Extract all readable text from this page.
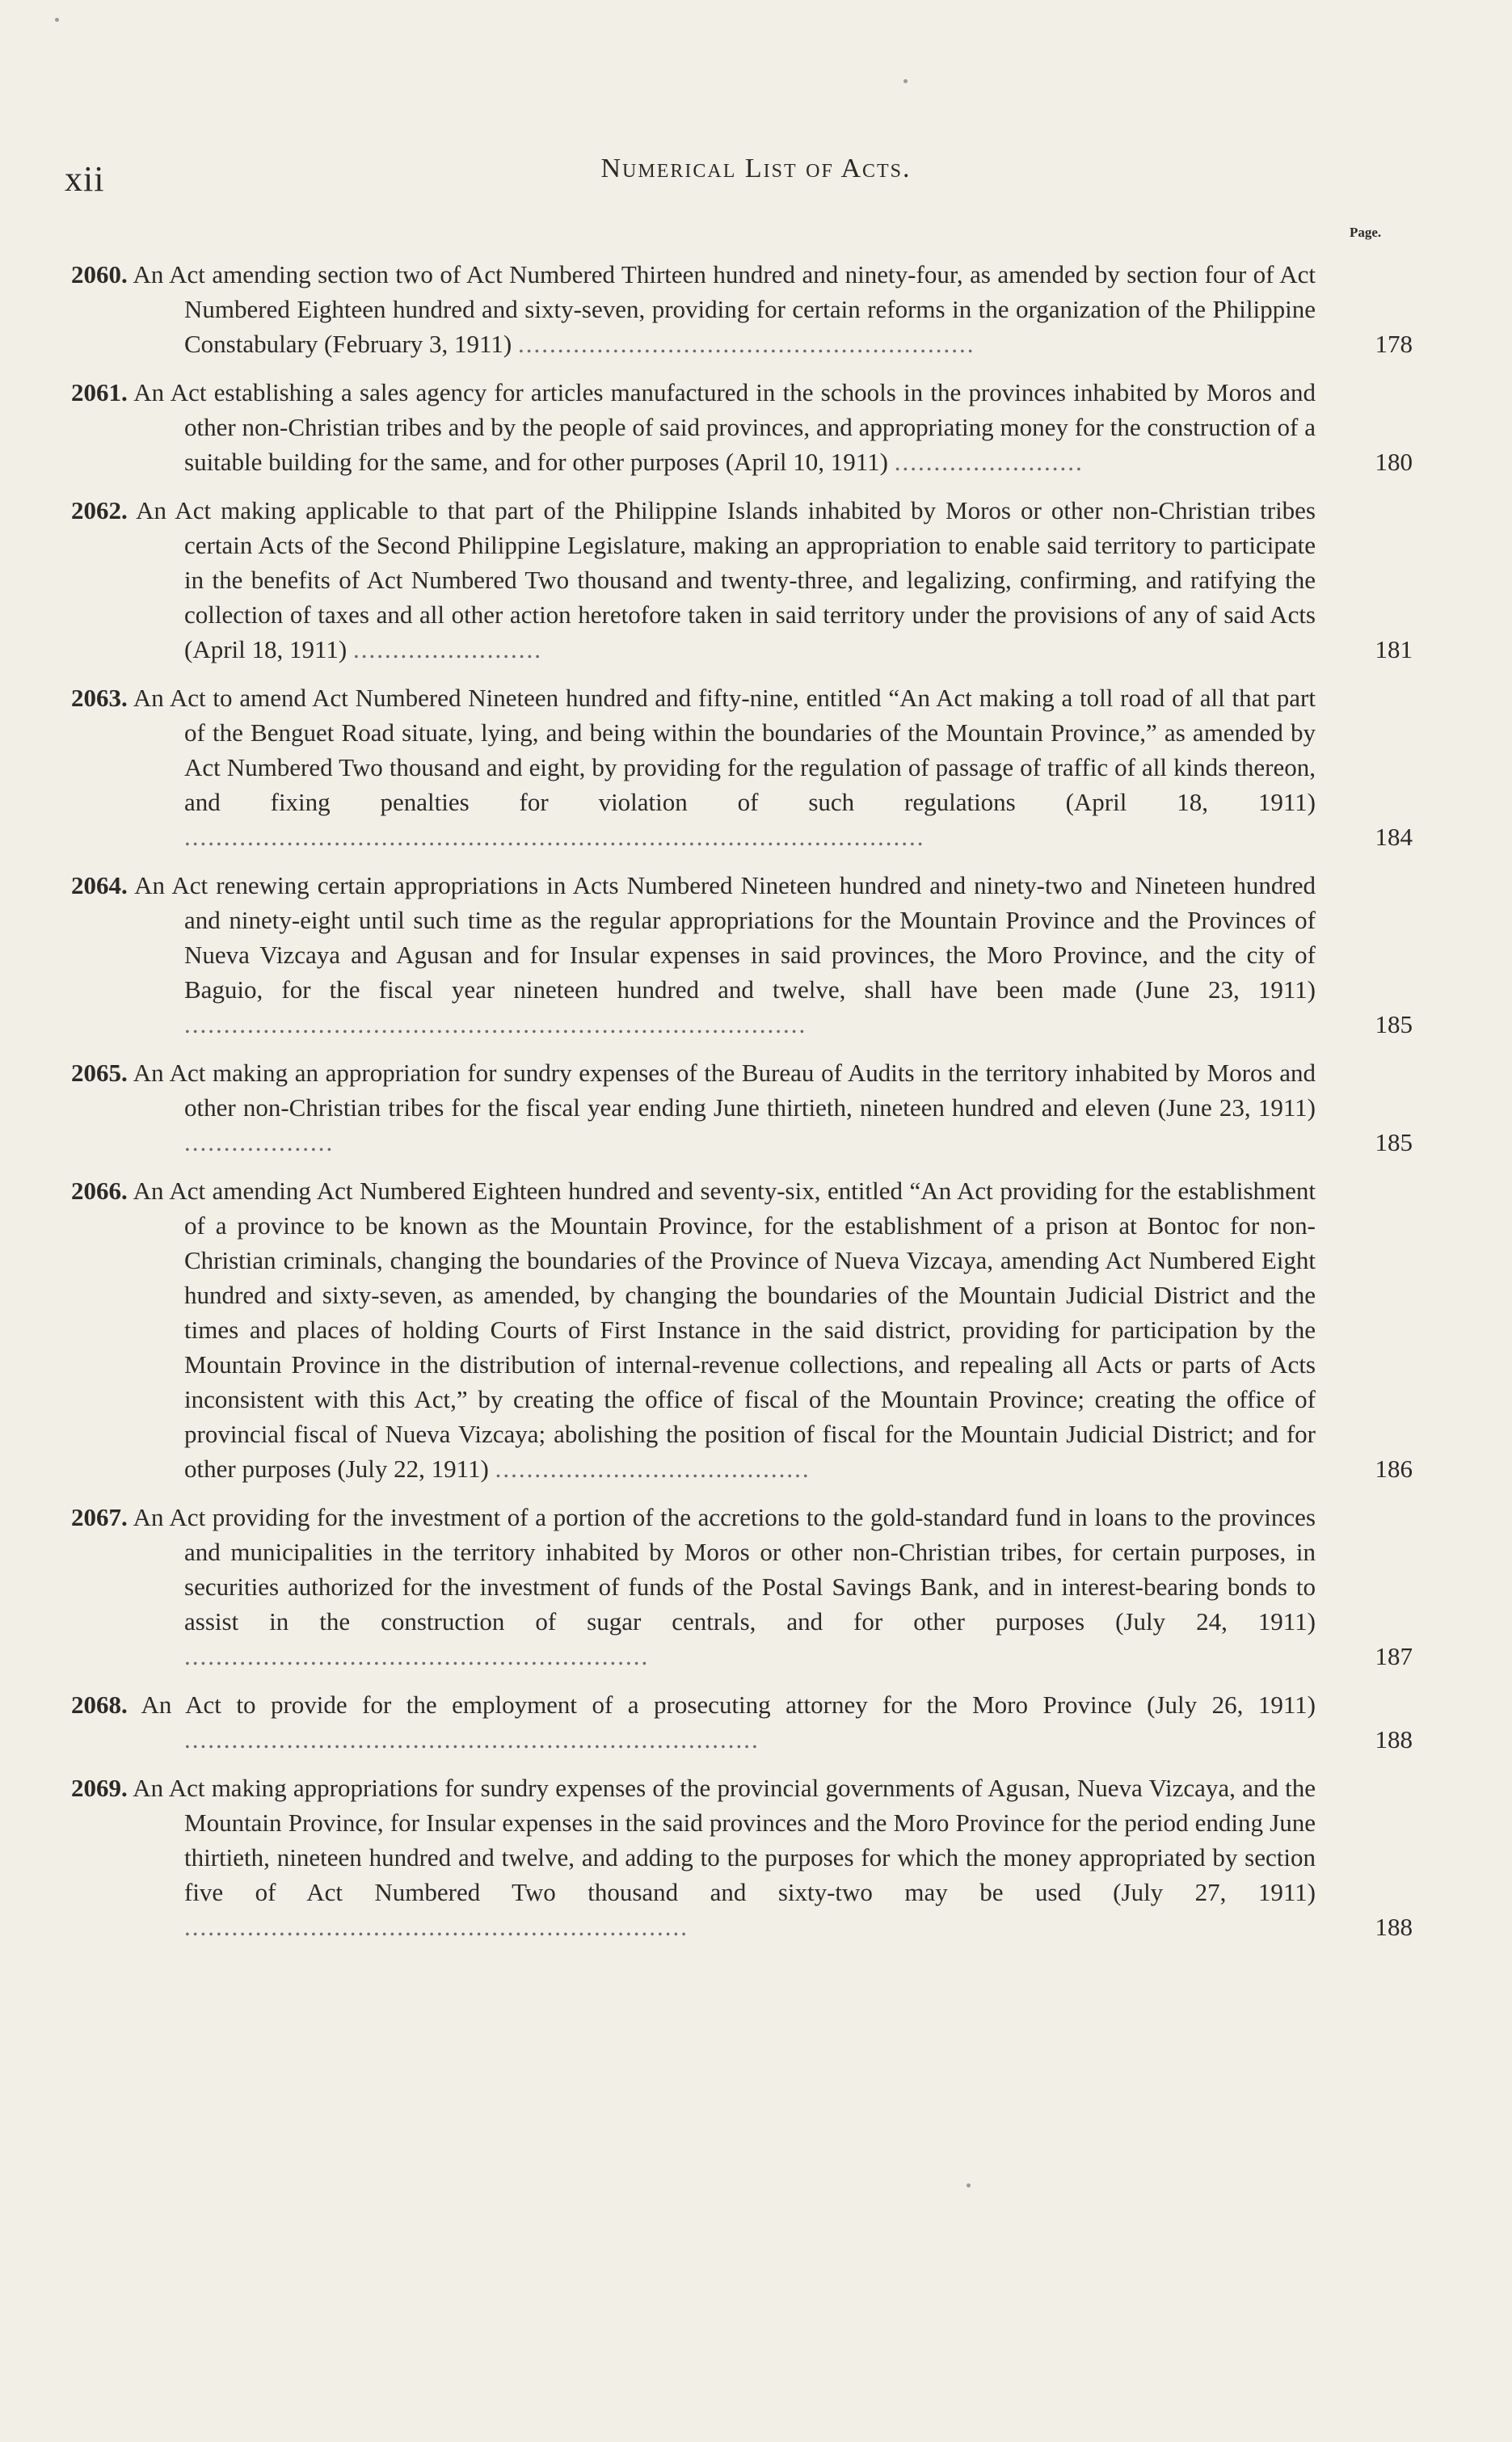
xii	Numerical List of Acts.
Page.
2060. An Act amending section two of Act Numbered Thirteen hundred and ninety-four, as amended by section four of Act Numbered Eighteen hundred and sixty-seven, providing for certain reforms in the organization of the Philippine Constabulary (February 3, 1911) ..........................................................	178
2061. An Act establishing a sales agency for articles manufactured in the schools in the provinces inhabited by Moros and other non-Christian tribes and by the people of said provinces, and appropriating money for the construction of a suitable building for the same, and for other purposes (April 10, 1911) ........................	180
2062. An Act making applicable to that part of the Philippine Islands inhabited by Moros or other non-Christian tribes certain Acts of the Second Philippine Legislature, making an appropriation to enable said territory to participate in the benefits of Act Numbered Two thousand and twenty-three, and legalizing, confirming, and ratifying the collection of taxes and all other action heretofore taken in said territory under the provisions of any of said Acts (April 18, 1911) ........................	181
2063. An Act to amend Act Numbered Nineteen hundred and fifty-nine, entitled “An Act making a toll road of all that part of the Benguet Road situate, lying, and being within the boundaries of the Mountain Province,” as amended by Act Numbered Two thousand and eight, by providing for the regulation of passage of traffic of all kinds thereon, and fixing penalties for violation of such regulations (April 18, 1911) ..............................................................................................	184
2064. An Act renewing certain appropriations in Acts Numbered Nineteen hundred and ninety-two and Nineteen hundred and ninety-eight until such time as the regular appropriations for the Mountain Province and the Provinces of Nueva Vizcaya and Agusan and for Insular expenses in said provinces, the Moro Province, and the city of Baguio, for the fiscal year nineteen hundred and twelve, shall have been made (June 23, 1911) ...............................................................................	185
2065. An Act making an appropriation for sundry expenses of the Bureau of Audits in the territory inhabited by Moros and other non-Christian tribes for the fiscal year ending June thirtieth, nineteen hundred and eleven (June 23, 1911) ...................	185
2066. An Act amending Act Numbered Eighteen hundred and seventy-six, entitled “An Act providing for the establishment of a province to be known as the Mountain Province, for the establishment of a prison at Bontoc for non-Christian criminals, changing the boundaries of the Province of Nueva Vizcaya, amending Act Numbered Eight hundred and sixty-seven, as amended, by changing the boundaries of the Mountain Judicial District and the times and places of holding Courts of First Instance in the said district, providing for participation by the Mountain Province in the distribution of internal-revenue collections, and repealing all Acts or parts of Acts inconsistent with this Act,” by creating the office of fiscal of the Mountain Province; creating the office of provincial fiscal of Nueva Vizcaya; abolishing the position of fiscal for the Mountain Judicial District; and for other purposes (July 22, 1911) ........................................	186
2067. An Act providing for the investment of a portion of the accretions to the gold-standard fund in loans to the provinces and municipalities in the territory inhabited by Moros or other non-Christian tribes, for certain purposes, in securities authorized for the investment of funds of the Postal Savings Bank, and in interest-bearing bonds to assist in the construction of sugar centrals, and for other purposes (July 24, 1911) ...........................................................	187
2068. An Act to provide for the employment of a prosecuting attorney for the Moro Province (July 26, 1911) .........................................................................	188
2069. An Act making appropriations for sundry expenses of the provincial governments of Agusan, Nueva Vizcaya, and the Mountain Province, for Insular expenses in the said provinces and the Moro Province for the period ending June thirtieth, nineteen hundred and twelve, and adding to the purposes for which the money appropriated by section five of Act Numbered Two thousand and sixty-two may be used (July 27, 1911) ................................................................	188
